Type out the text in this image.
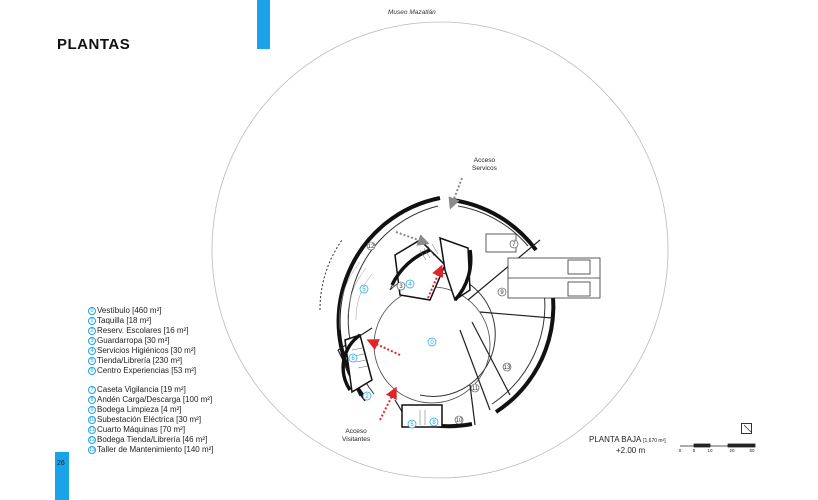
26
PLANTAS
Museo Mazatlán
0 Vestíbulo [460 m²]
1 Taquilla [18 m²]
2 Reserv. Escolares [16 m²]
3 Guardarropa [30 m²]
4 Servicios Higiénicos [30 m²]
5 Tienda/Librería [230 m²]
6 Centro Experiencias [53 m²]
7 Caseta Vigilancia [19 m²]
8 Andén Carga/Descarga [100 m²]
9 Bodega Limpieza [4 m²]
10 Subestación Eléctrica [30 m²]
11 Cuarto Máquinas [70 m²]
12 Bodega Tienda/Librería [46 m²]
13 Taller de Mantenimiento [140 m²]
0
2
3 4
5
5
6
7
8
9
10
11
12
13
0	5	10	20	50
Acceso
Servicos
Acceso
Visitantes	PLANTA BAJA [1,670 m²]
+2.00 m
